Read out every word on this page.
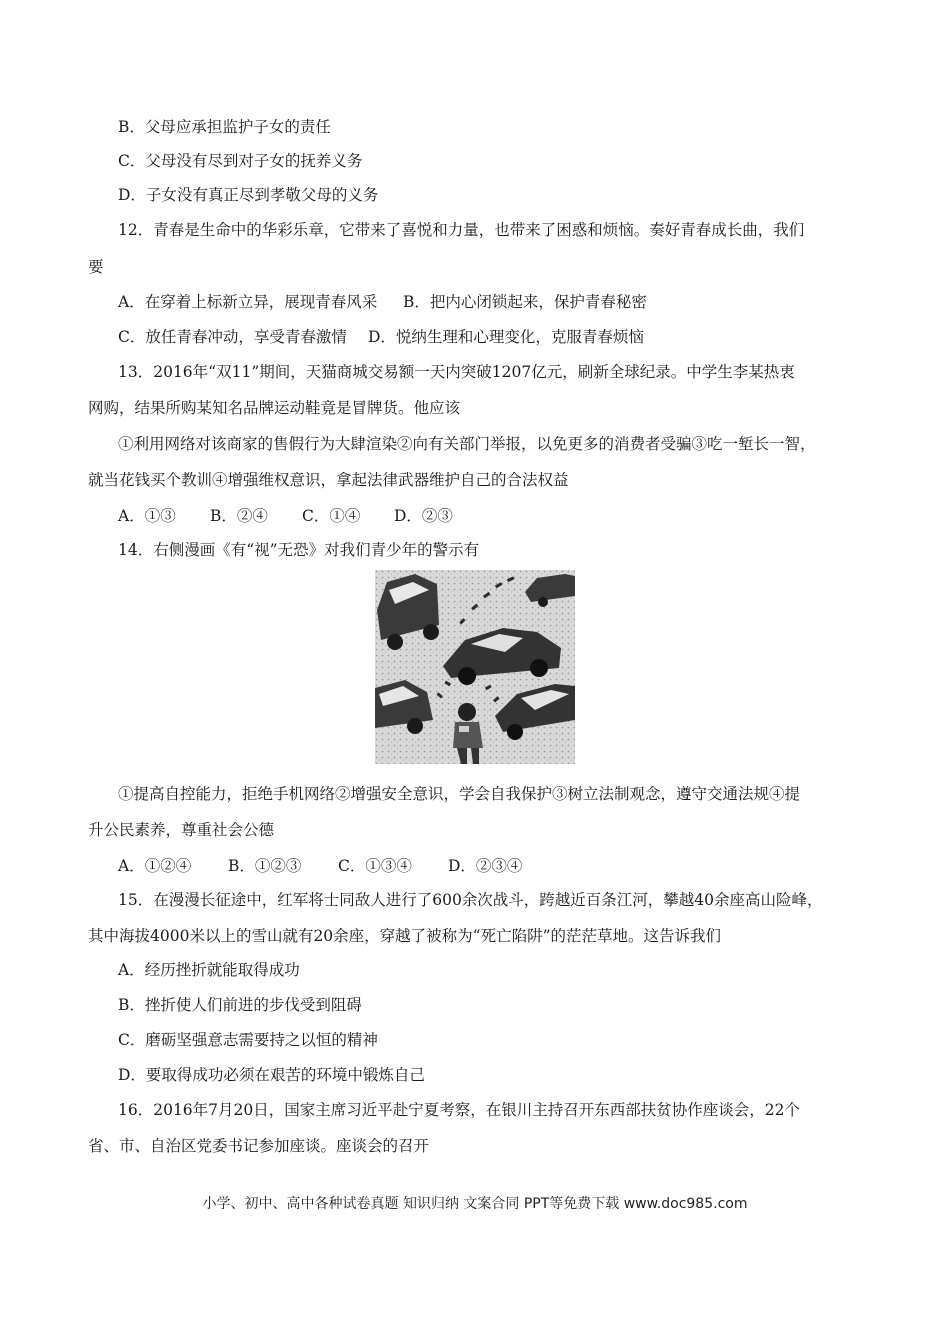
B．父母应承担监护子女的责任
C．父母没有尽到对子女的抚养义务
D．子女没有真正尽到孝敬父母的义务
12．青春是生命中的华彩乐章，它带来了喜悦和力量，也带来了困惑和烦恼。奏好青春成长曲，我们
要
A．在穿着上标新立异，展现青春风采 B．把内心闭锁起来，保护青春秘密
C．放任青春冲动，享受青春激情 D．悦纳生理和心理变化，克服青春烦恼
13．2016年“双11”期间，天猫商城交易额一天内突破1207亿元，刷新全球纪录。中学生李某热衷
网购，结果所购某知名品牌运动鞋竟是冒牌货。他应该
①利用网络对该商家的售假行为大肆渲染②向有关部门举报，以免更多的消费者受骗③吃一堑长一智，
就当花钱买个教训④增强维权意识，拿起法律武器维护自己的合法权益
A．①③ B．②④ C．①④ D．②③
14．右侧漫画《有“视”无恐》对我们青少年的警示有
①提高自控能力，拒绝手机网络②增强安全意识，学会自我保护③树立法制观念，遵守交通法规④提
升公民素养，尊重社会公德
A．①②④ B．①②③ C．①③④ D．②③④
15．在漫漫长征途中，红军将士同敌人进行了600余次战斗，跨越近百条江河，攀越40余座高山险峰，
其中海拔4000米以上的雪山就有20余座，穿越了被称为“死亡陷阱”的茫茫草地。这告诉我们
A．经历挫折就能取得成功
B．挫折使人们前进的步伐受到阻碍
C．磨砺坚强意志需要持之以恒的精神
D．要取得成功必须在艰苦的环境中锻炼自己
16．2016年7月20日，国家主席习近平赴宁夏考察，在银川主持召开东西部扶贫协作座谈会，22个
省、市、自治区党委书记参加座谈。座谈会的召开
小学、初中、高中各种试卷真题 知识归纳 文案合同 PPT等免费下载 www.doc985.com
